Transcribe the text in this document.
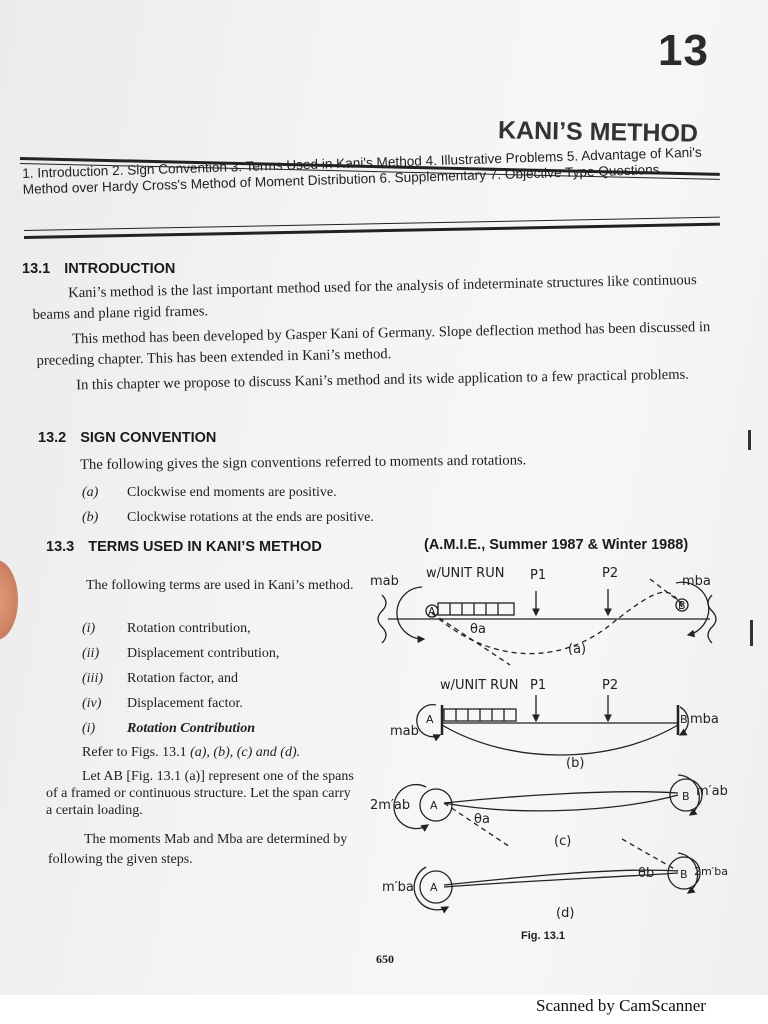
13
KANI’S METHOD
1. Introduction 2. Sign Convention 3. Terms Used in Kani's Method 4. Illustrative Problems 5. Advantage of Kani's Method over Hardy Cross's Method of Moment Distribution 6. Supplementary 7. Objective Type Questions.
13.1 INTRODUCTION
Kani’s method is the last important method used for the analysis of indeterminate structures like continuous beams and plane rigid frames.
This method has been developed by Gasper Kani of Germany. Slope deflection method has been discussed in preceding chapter. This has been extended in Kani’s method.
In this chapter we propose to discuss Kani’s method and its wide application to a few practical problems.
13.2 SIGN CONVENTION
The following gives the sign conventions referred to moments and rotations.
(a) Clockwise end moments are positive.
(b) Clockwise rotations at the ends are positive.
13.3 TERMS USED IN KANI’S METHOD	(A.M.I.E., Summer 1987 & Winter 1988)
The following terms are used in Kani’s method.
(i) Rotation contribution,
(ii) Displacement contribution,
(iii) Rotation factor, and
(iv) Displacement factor.
(i) Rotation Contribution
Refer to Figs. 13.1 (a), (b), (c) and (d).
Let AB [Fig. 13.1 (a)] represent one of the spans of a framed or continuous structure. Let the span carry a certain loading.
The moments Mab and Mba are determined by following the given steps.
mab
w/UNIT RUN P1	P2
mba
A	B
θa
(a)
w/UNIT RUN P1	P2
mab
A	B mba
(b)
2m′ab A
θa
B m′ab
(c)
m′ba A
θb B 2m′ba
(d)
Fig. 13.1
650
Scanned by CamScanner
